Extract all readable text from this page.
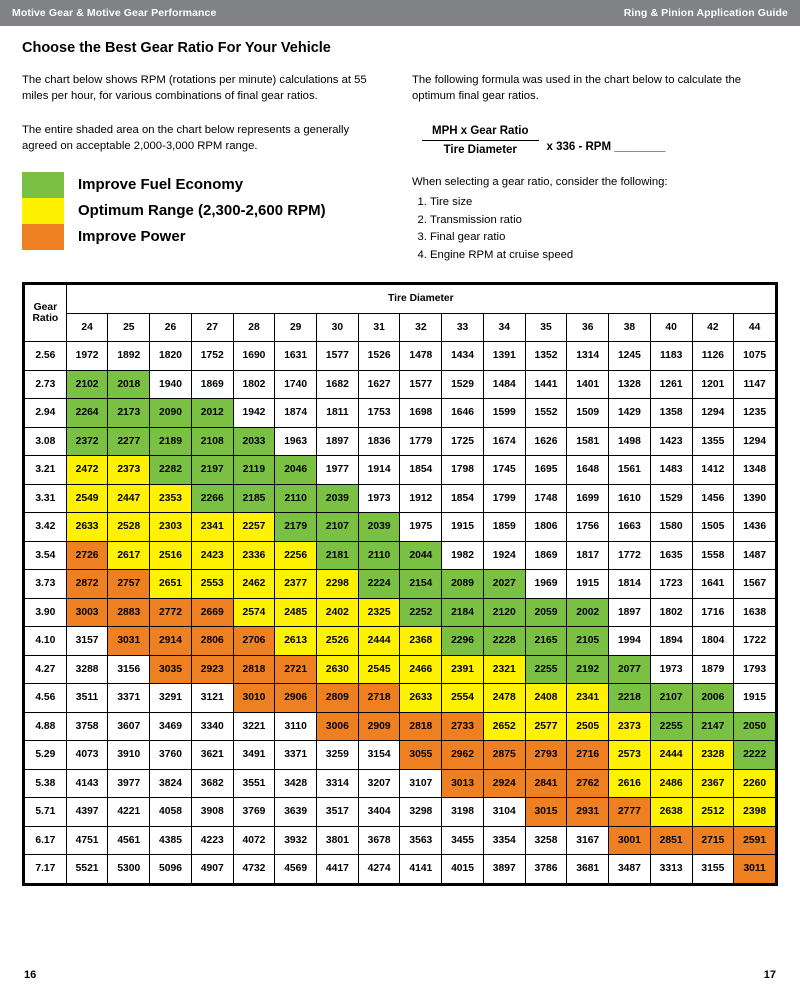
Motive Gear & Motive Gear Performance	Ring & Pinion Application Guide
Choose the Best Gear Ratio For Your Vehicle

The chart below shows RPM (rotations per minute) calculations at 55 miles per hour, for various combinations of final gear ratios.

The entire shaded area on the chart below represents a generally agreed on acceptable 2,000-3,000 RPM range.

Improve Fuel Economy
Optimum Range (2,300-2,600 RPM)
Improve Power

The following formula was used in the chart below to calculate the optimum final gear ratios.

$\frac{\text{MPH x Gear Ratio}}{\text{Tire Diameter}}$ x 336 - RPM ________

When selecting a gear ratio, consider the following:

1. Tire size
2. Transmission ratio
3. Final gear ratio
4. Engine RPM at cruise speed
Gear
Ratio	Tire Diameter																
	24	25	26	27	28	29	30	31	32	33	34	35	36	38	40	42	44
2.56	1972	1892	1820	1752	1690	1631	1577	1526	1478	1434	1391	1352	1314	1245	1183	1126	1075
2.73	2102	2018	1940	1869	1802	1740	1682	1627	1577	1529	1484	1441	1401	1328	1261	1201	1147
2.94	2264	2173	2090	2012	1942	1874	1811	1753	1698	1646	1599	1552	1509	1429	1358	1294	1235
3.08	2372	2277	2189	2108	2033	1963	1897	1836	1779	1725	1674	1626	1581	1498	1423	1355	1294
3.21	2472	2373	2282	2197	2119	2046	1977	1914	1854	1798	1745	1695	1648	1561	1483	1412	1348
3.31	2549	2447	2353	2266	2185	2110	2039	1973	1912	1854	1799	1748	1699	1610	1529	1456	1390
3.42	2633	2528	2303	2341	2257	2179	2107	2039	1975	1915	1859	1806	1756	1663	1580	1505	1436
3.54	2726	2617	2516	2423	2336	2256	2181	2110	2044	1982	1924	1869	1817	1772	1635	1558	1487
3.73	2872	2757	2651	2553	2462	2377	2298	2224	2154	2089	2027	1969	1915	1814	1723	1641	1567
3.90	3003	2883	2772	2669	2574	2485	2402	2325	2252	2184	2120	2059	2002	1897	1802	1716	1638
4.10	3157	3031	2914	2806	2706	2613	2526	2444	2368	2296	2228	2165	2105	1994	1894	1804	1722
4.27	3288	3156	3035	2923	2818	2721	2630	2545	2466	2391	2321	2255	2192	2077	1973	1879	1793
4.56	3511	3371	3291	3121	3010	2906	2809	2718	2633	2554	2478	2408	2341	2218	2107	2006	1915
4.88	3758	3607	3469	3340	3221	3110	3006	2909	2818	2733	2652	2577	2505	2373	2255	2147	2050
5.29	4073	3910	3760	3621	3491	3371	3259	3154	3055	2962	2875	2793	2716	2573	2444	2328	2222
5.38	4143	3977	3824	3682	3551	3428	3314	3207	3107	3013	2924	2841	2762	2616	2486	2367	2260
5.71	4397	4221	4058	3908	3769	3639	3517	3404	3298	3198	3104	3015	2931	2777	2638	2512	2398
6.17	4751	4561	4385	4223	4072	3932	3801	3678	3563	3455	3354	3258	3167	3001	2851	2715	2591
7.17	5521	5300	5096	4907	4732	4569	4417	4274	4141	4015	3897	3786	3681	3487	3313	3155	3011
16	17
